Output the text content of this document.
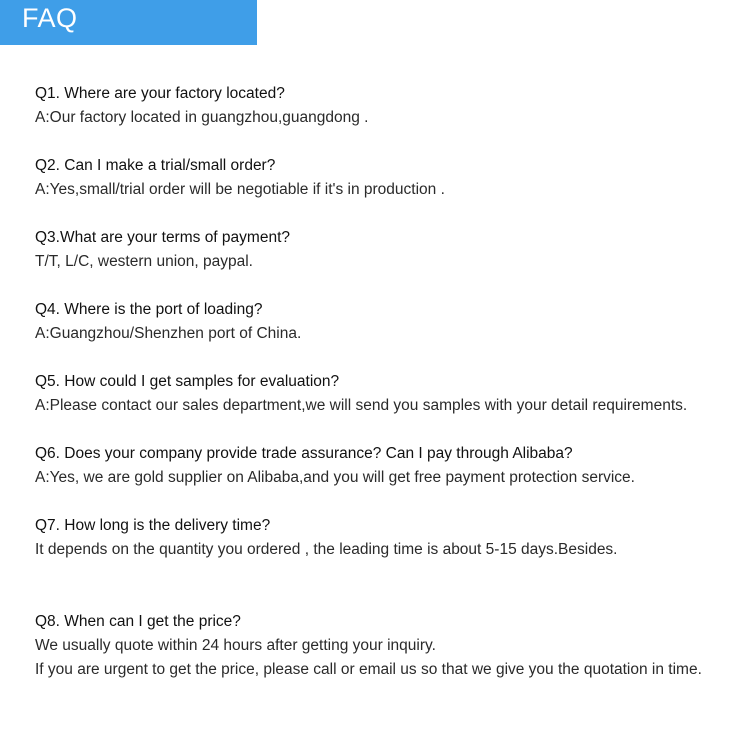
FAQ
Q1. Where are your factory located?
A:Our factory located in guangzhou,guangdong .
Q2. Can I make a trial/small order?
A:Yes,small/trial order will be negotiable if it's in production .
Q3.What are your terms of payment?
T/T, L/C, western union, paypal.
Q4. Where is the port of loading?
A:Guangzhou/Shenzhen port of China.
Q5. How could I get samples for evaluation?
A:Please contact our sales department,we will send you samples with your detail requirements.
Q6. Does your company provide trade assurance? Can I pay through Alibaba?
A:Yes, we are gold supplier on Alibaba,and you will get free payment protection service.
Q7. How long is the delivery time?
It depends on the quantity you ordered , the leading time is about 5-15 days.Besides.
Q8. When can I get the price?
We usually quote within 24 hours after getting your inquiry.
If you are urgent to get the price, please call or email us so that we give you the quotation in time.
